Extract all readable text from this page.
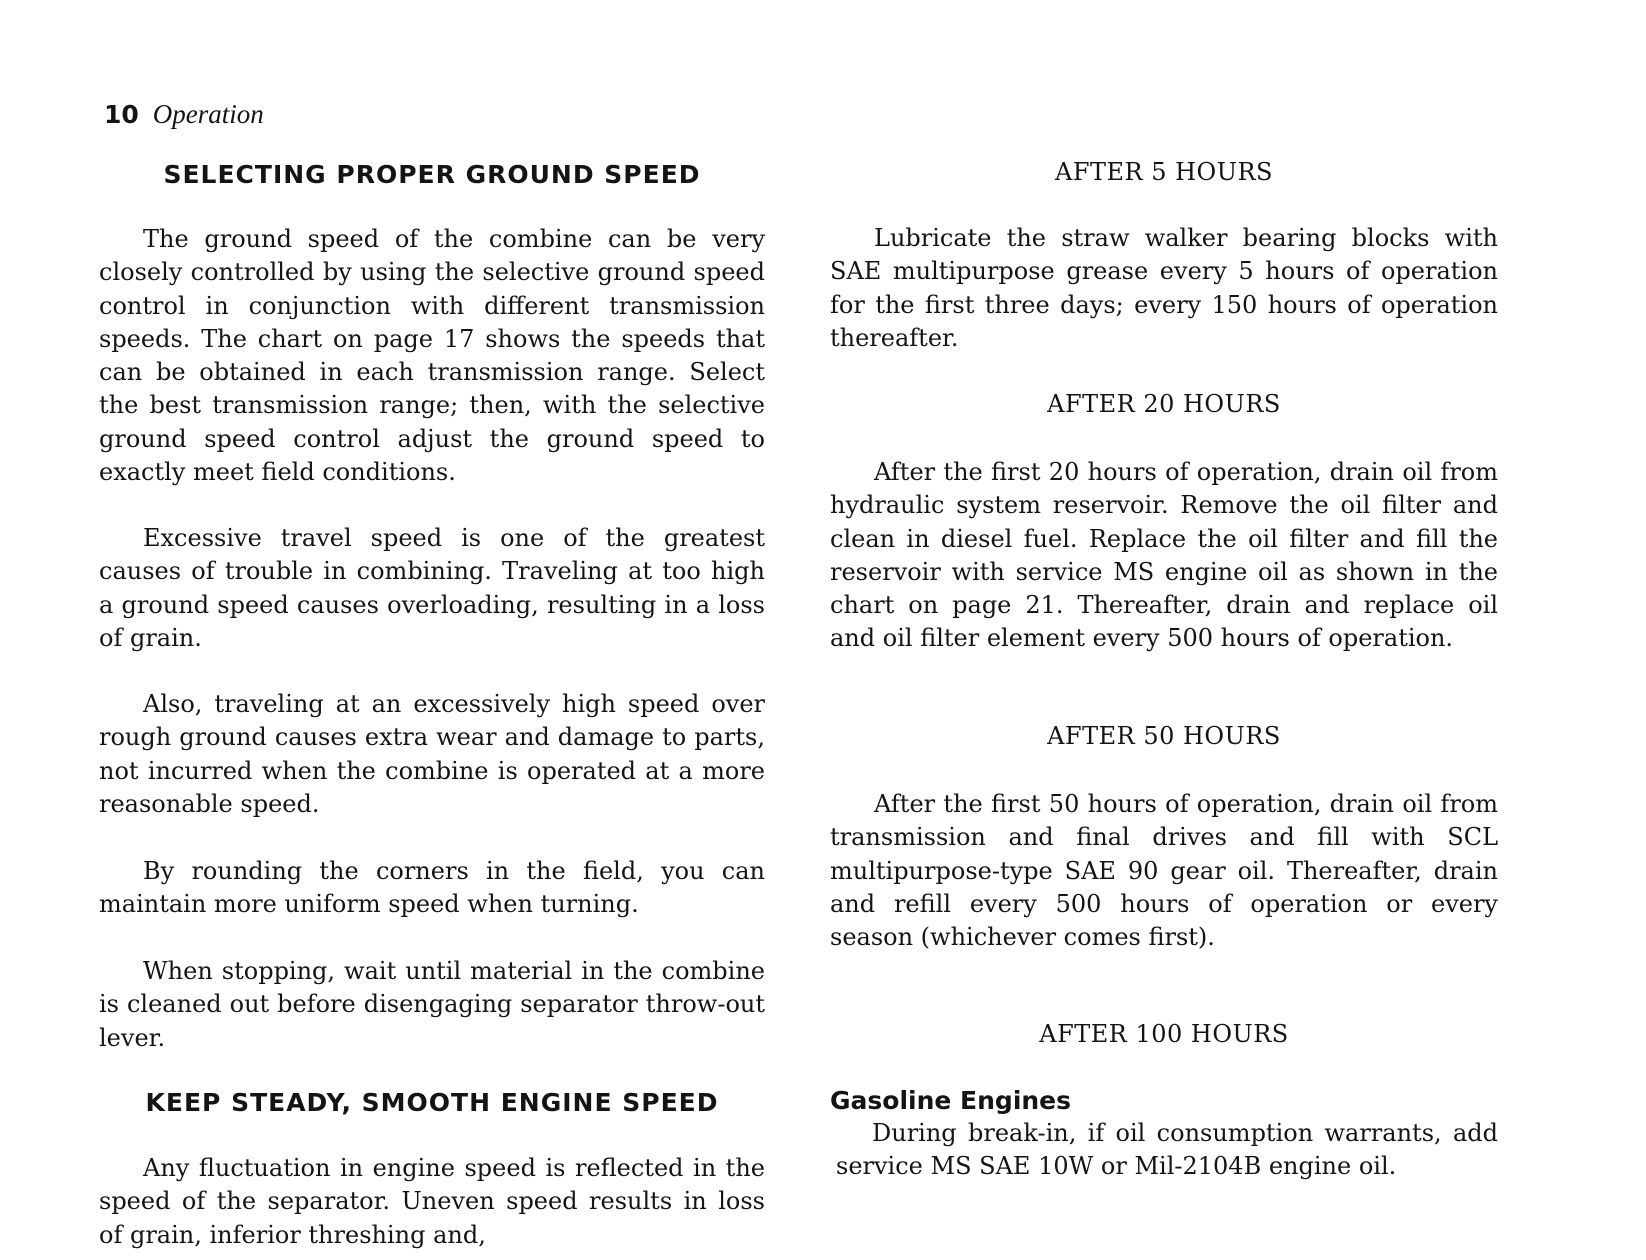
10 Operation
SELECTING PROPER GROUND SPEED

The ground speed of the combine can be very closely controlled by using the selective ground speed control in conjunction with different transmission speeds. The chart on page 17 shows the speeds that can be obtained in each transmission range. Select the best transmission range; then, with the selective ground speed control adjust the ground speed to exactly meet field conditions.

Excessive travel speed is one of the greatest causes of trouble in combining. Traveling at too high a ground speed causes overloading, resulting in a loss of grain.

Also, traveling at an excessively high speed over rough ground causes extra wear and damage to parts, not incurred when the combine is operated at a more reasonable speed.

By rounding the corners in the field, you can maintain more uniform speed when turning.

When stopping, wait until material in the combine is cleaned out before disengaging separator throw-out lever.

KEEP STEADY, SMOOTH ENGINE SPEED

Any fluctuation in engine speed is reflected in the speed of the separator. Uneven speed results in loss of grain, inferior threshing and,

AFTER 5 HOURS

Lubricate the straw walker bearing blocks with SAE multipurpose grease every 5 hours of operation for the first three days; every 150 hours of operation thereafter.

AFTER 20 HOURS

After the first 20 hours of operation, drain oil from hydraulic system reservoir. Remove the oil filter and clean in diesel fuel. Replace the oil filter and fill the reservoir with service MS engine oil as shown in the chart on page 21. Thereafter, drain and replace oil and oil filter element every 500 hours of operation.

AFTER 50 HOURS

After the first 50 hours of operation, drain oil from transmission and final drives and fill with SCL multipurpose-type SAE 90 gear oil. Thereafter, drain and refill every 500 hours of operation or every season (whichever comes first).

AFTER 100 HOURS
Gasoline Engines

During break-in, if oil consumption warrants, add service MS SAE 10W or Mil-2104B engine oil.
